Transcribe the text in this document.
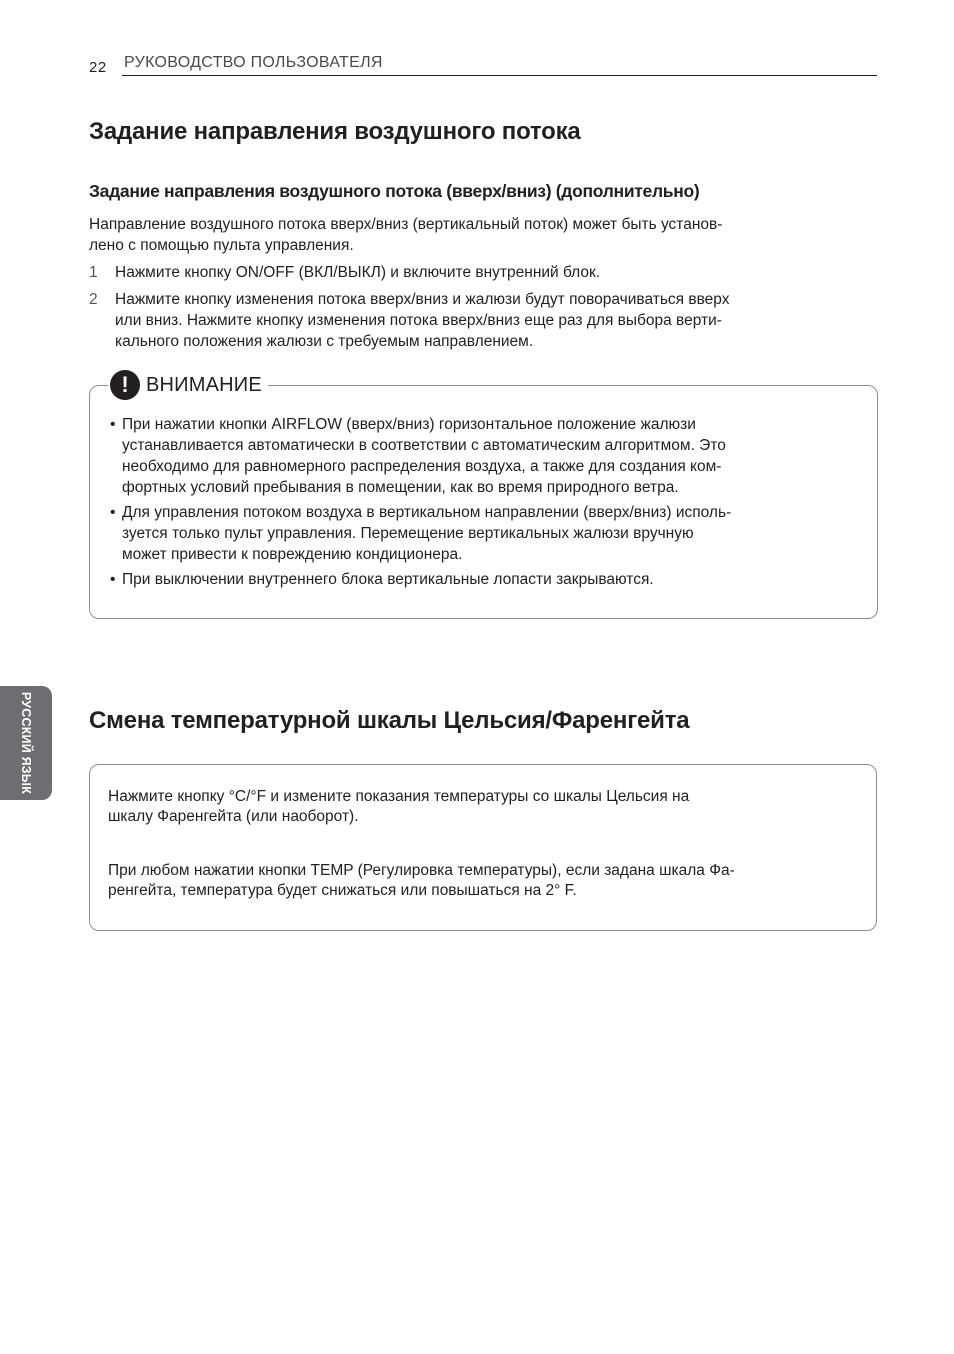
22 РУКОВОДСТВО ПОЛЬЗОВАТЕЛЯ
Задание направления воздушного потока
Задание направления воздушного потока (вверх/вниз) (дополнительно)

Направление воздушного потока вверх/вниз (вертикальный поток) может быть установ-
лено с помощью пульта управления.

1 Нажмите кнопку ON/OFF (ВКЛ/ВЫКЛ) и включите внутренний блок.
2 Нажмите кнопку изменения потока вверх/вниз и жалюзи будут поворачиваться вверх
или вниз. Нажмите кнопку изменения потока вверх/вниз еще раз для выбора верти-
кального положения жалюзи с требуемым направлением.
! ВНИМАНИЕ
• При нажатии кнопки AIRFLOW (вверх/вниз) горизонтальное положение жалюзи
устанавливается автоматически в соответствии с автоматическим алгоритмом. Это
необходимо для равномерного распределения воздуха, а также для создания ком-
фортных условий пребывания в помещении, как во время природного ветра.
• Для управления потоком воздуха в вертикальном направлении (вверх/вниз) исполь-
зуется только пульт управления. Перемещение вертикальных жалюзи вручную
может привести к повреждению кондиционера.
• При выключении внутреннего блока вертикальные лопасти закрываются.
РУССКИЙ ЯЗЫК Смена температурной шкалы Цельсия/Фаренгейта

Нажмите кнопку °C/°F и измените показания температуры со шкалы Цельсия на
шкалу Фаренгейта (или наоборот).

При любом нажатии кнопки TEMP (Регулировка температуры), если задана шкала Фа-
ренгейта, температура будет снижаться или повышаться на 2° F.
